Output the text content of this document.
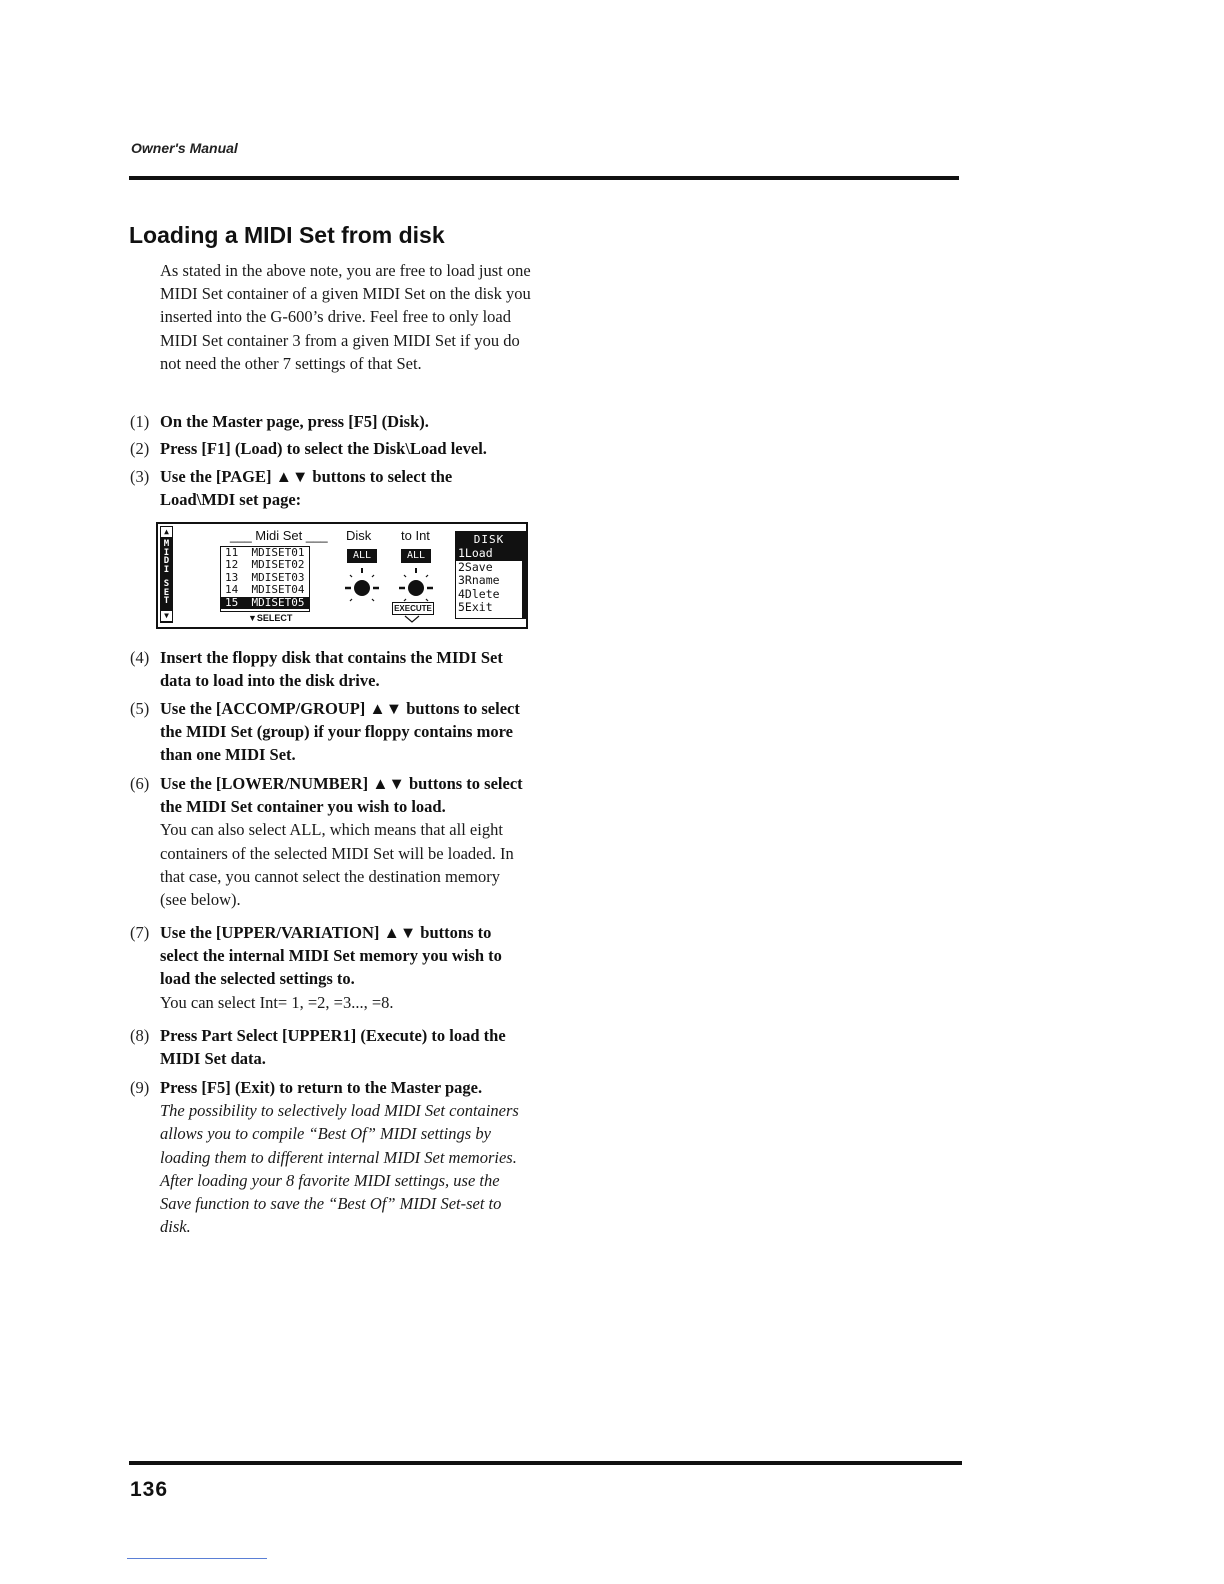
Owner's Manual
Loading a MIDI Set from disk

As stated in the above note, you are free to load just one MIDI Set container of a given MIDI Set on the disk you inserted into the G-600’s drive. Feel free to only load MIDI Set container 3 from a given MIDI Set if you do not need the other 7 settings of that Set.

(1) On the Master page, press [F5] (Disk).
(2) Press [F1] (Load) to select the Disk\Load level.
(3) Use the [PAGE] ▲▼ buttons to select the Load\MDI set page:
▲
M
I
D
I
S
E
T
▼
___ Midi Set ___ Disk to Int
11  MDISET01
12  MDISET02
13  MDISET03
14  MDISET04
15  MDISET05
▼SELECT
ALL	ALL
EXECUTE
DISK
1Load
2Save
3Rname
4Dlete
5Exit
(4) Insert the floppy disk that contains the MIDI Set data to load into the disk drive.
(5) Use the [ACCOMP/GROUP] ▲▼ buttons to select the MIDI Set (group) if your floppy contains more than one MIDI Set.
(6) Use the [LOWER/NUMBER] ▲▼ buttons to select the MIDI Set container you wish to load.
You can also select ALL, which means that all eight containers of the selected MIDI Set will be loaded. In that case, you cannot select the destination memory (see below).
(7) Use the [UPPER/VARIATION] ▲▼ buttons to select the internal MIDI Set memory you wish to load the selected settings to.
You can select Int= 1, =2, =3..., =8.
(8) Press Part Select [UPPER1] (Execute) to load the MIDI Set data.
(9) Press [F5] (Exit) to return to the Master page.
The possibility to selectively load MIDI Set containers allows you to compile “Best Of” MIDI settings by loading them to different internal MIDI Set memories. After loading your 8 favorite MIDI settings, use the Save function to save the “Best Of” MIDI Set-set to disk.
136
